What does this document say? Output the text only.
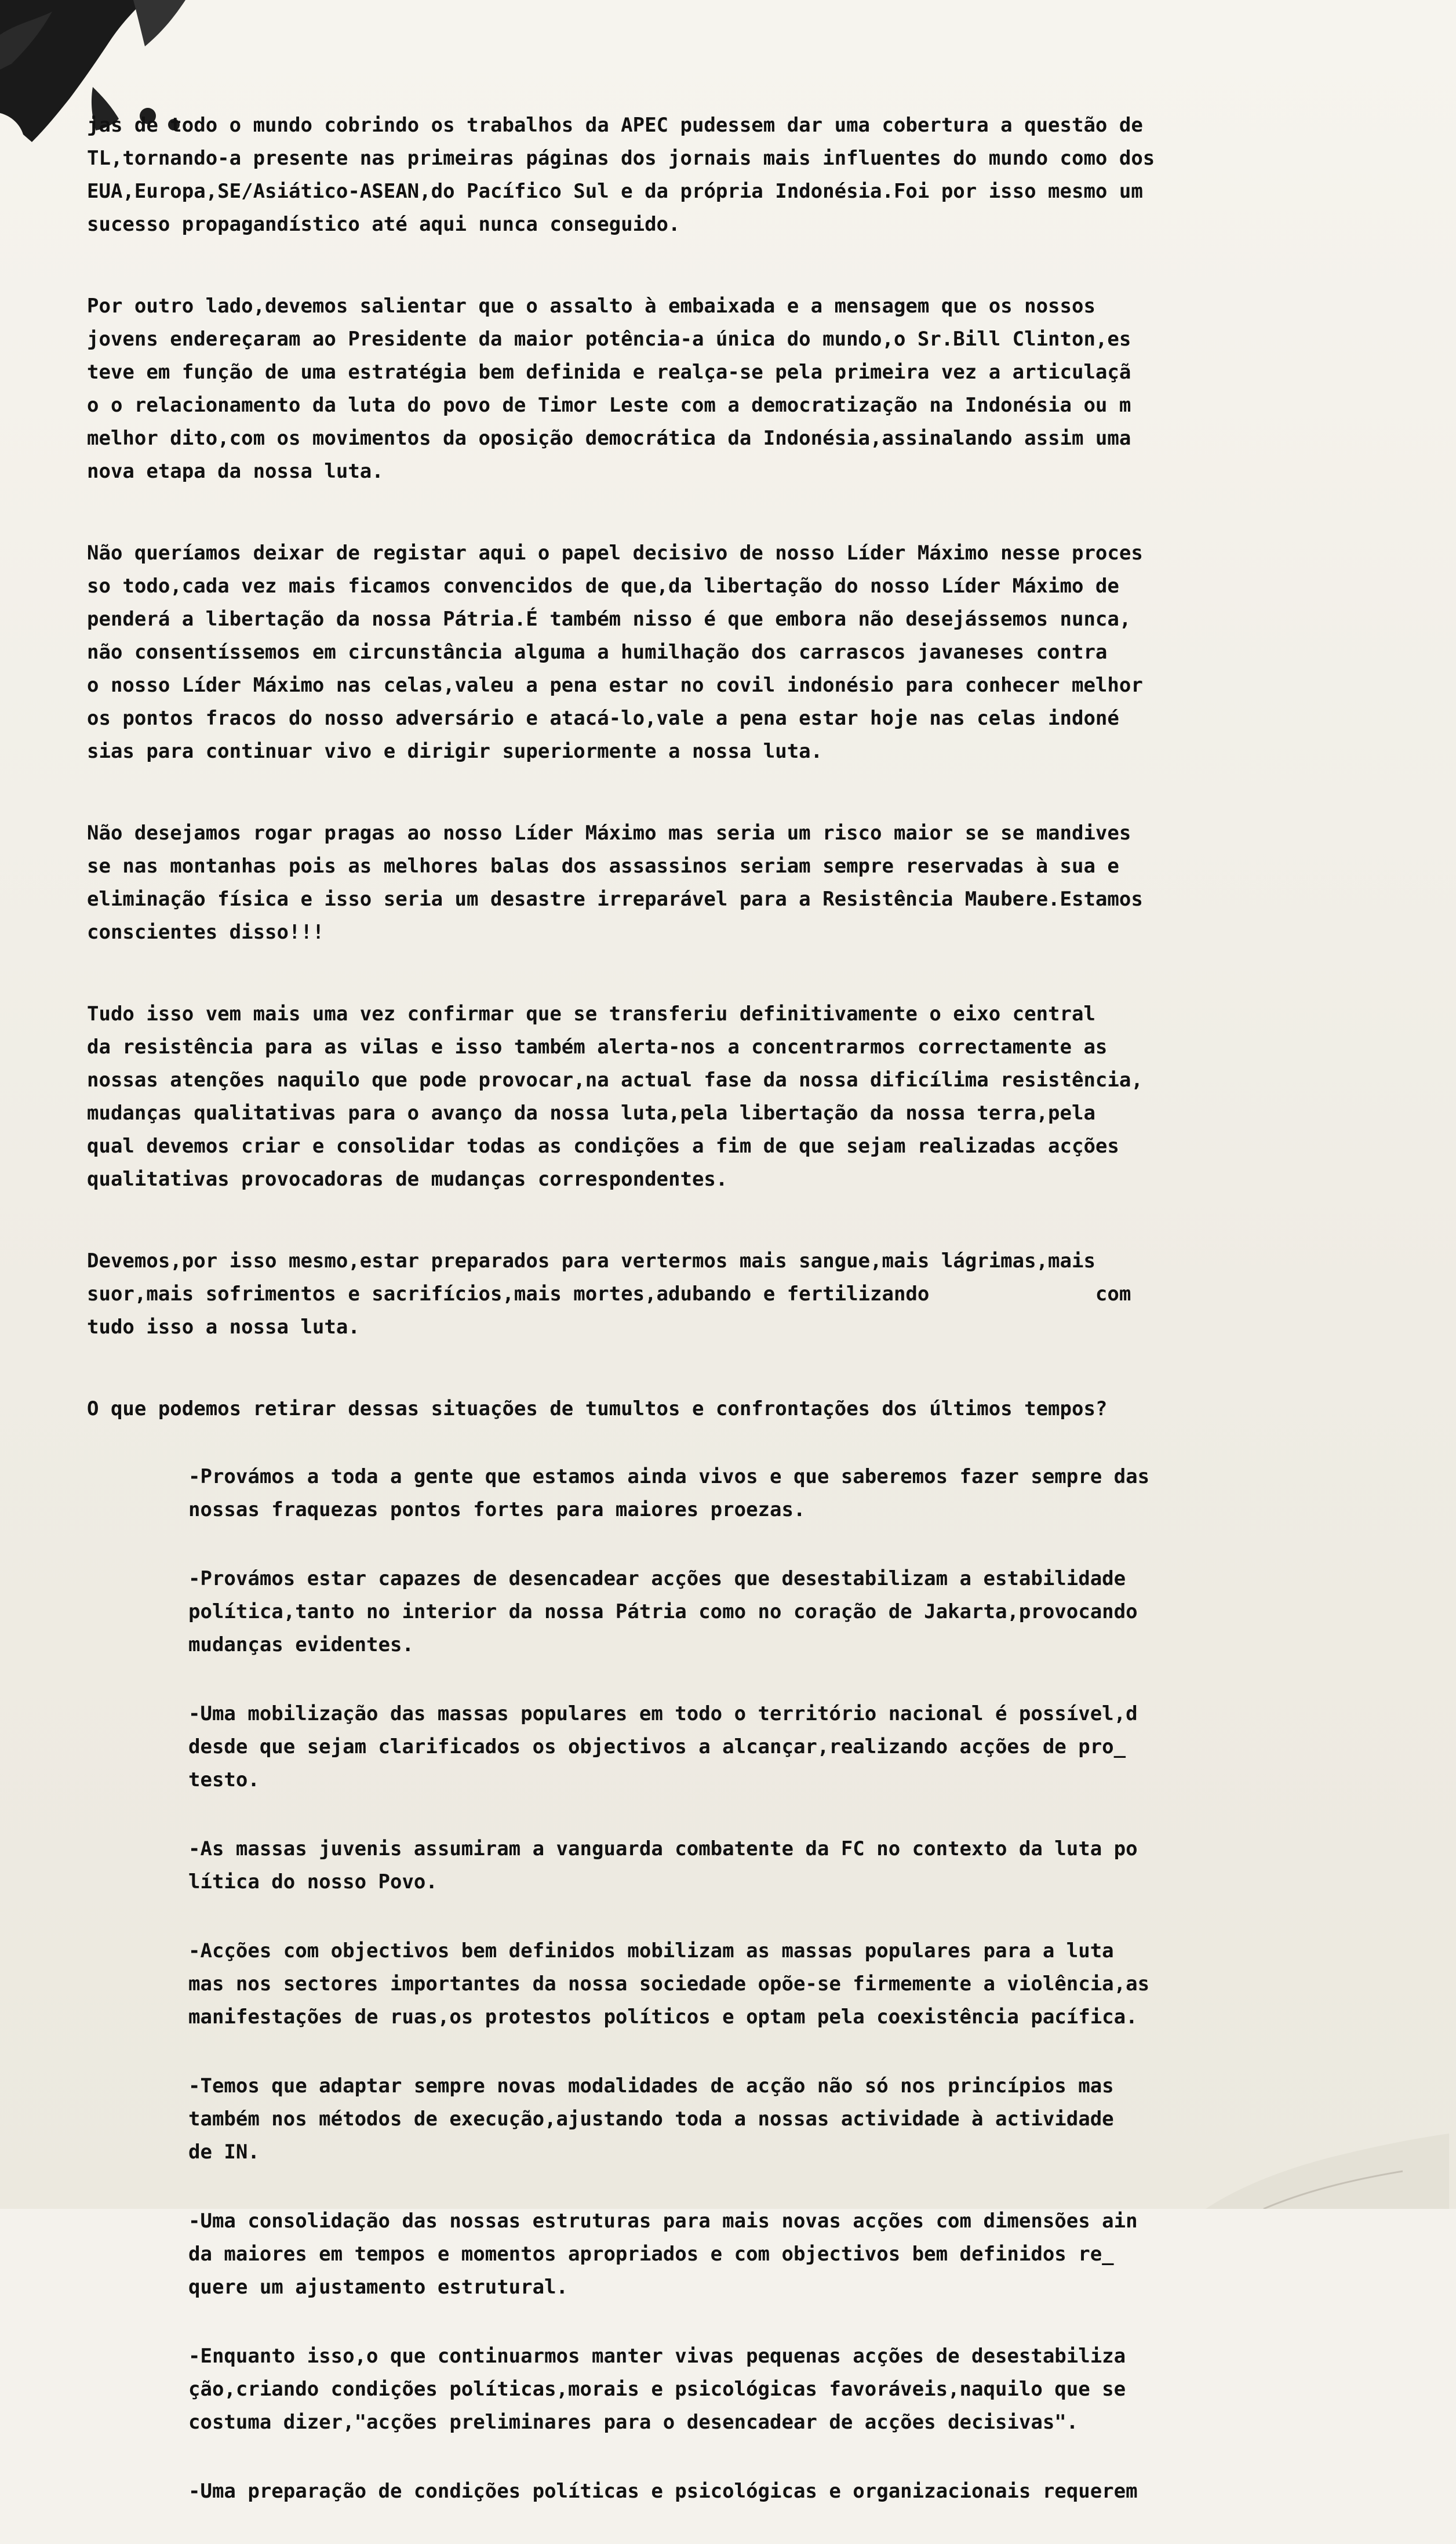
jas de todo o mundo cobrindo os trabalhos da APEC pudessem dar uma cobertura a questão de
TL,tornando-a presente nas primeiras páginas dos jornais mais influentes do mundo como dos
EUA,Europa,SE/Asiático-ASEAN,do Pacífico Sul e da própria Indonésia.Foi por isso mesmo um
sucesso propagandístico até aqui nunca conseguido.

Por outro lado,devemos salientar que o assalto à embaixada e a mensagem que os nossos
jovens endereçaram ao Presidente da maior potência-a única do mundo,o Sr.Bill Clinton,es
teve em função de uma estratégia bem definida e realça-se pela primeira vez a articulaçã
o o relacionamento da luta do povo de Timor Leste com a democratização na Indonésia ou m
melhor dito,com os movimentos da oposição democrática da Indonésia,assinalando assim uma
nova etapa da nossa luta.

Não queríamos deixar de registar aqui o papel decisivo de nosso Líder Máximo nesse proces
so todo,cada vez mais ficamos convencidos de que,da libertação do nosso Líder Máximo de
penderá a libertação da nossa Pátria.É também nisso é que embora não desejássemos nunca,
não consentíssemos em circunstância alguma a humilhação dos carrascos javaneses contra
o nosso Líder Máximo nas celas,valeu a pena estar no covil indonésio para conhecer melhor
os pontos fracos do nosso adversário e atacá-lo,vale a pena estar hoje nas celas indoné
sias para continuar vivo e dirigir superiormente a nossa luta.

Não desejamos rogar pragas ao nosso Líder Máximo mas seria um risco maior se se mandives
se nas montanhas pois as melhores balas dos assassinos seriam sempre reservadas à sua e
eliminação física e isso seria um desastre irreparável para a Resistência Maubere.Estamos
conscientes disso!!!

Tudo isso vem mais uma vez confirmar que se transferiu definitivamente o eixo central
da resistência para as vilas e isso também alerta-nos a concentrarmos correctamente as
nossas atenções naquilo que pode provocar,na actual fase da nossa dificílima resistência,
mudanças qualitativas para o avanço da nossa luta,pela libertação da nossa terra,pela
qual devemos criar e consolidar todas as condições a fim de que sejam realizadas acções
qualitativas provocadoras de mudanças correspondentes.

Devemos,por isso mesmo,estar preparados para vertermos mais sangue,mais lágrimas,mais
suor,mais sofrimentos e sacrifícios,mais mortes,adubando e fertilizando              com
tudo isso a nossa luta.

O que podemos retirar dessas situações de tumultos e confrontações dos últimos tempos?

-Provámos a toda a gente que estamos ainda vivos e que saberemos fazer sempre das
nossas fraquezas pontos fortes para maiores proezas.
-Provámos estar capazes de desencadear acções que desestabilizam a estabilidade
política,tanto no interior da nossa Pátria como no coração de Jakarta,provocando
mudanças evidentes.
-Uma mobilização das massas populares em todo o território nacional é possível,d
desde que sejam clarificados os objectivos a alcançar,realizando acções de pro_
testo.
-As massas juvenis assumiram a vanguarda combatente da FC no contexto da luta po
lítica do nosso Povo.
-Acções com objectivos bem definidos mobilizam as massas populares para a luta
mas nos sectores importantes da nossa sociedade opõe-se firmemente a violência,as
manifestações de ruas,os protestos políticos e optam pela coexistência pacífica.
-Temos que adaptar sempre novas modalidades de acção não só nos princípios mas
também nos métodos de execução,ajustando toda a nossas actividade à actividade
de IN.
-Uma consolidação das nossas estruturas para mais novas acções com dimensões ain
da maiores em tempos e momentos apropriados e com objectivos bem definidos re_
quere um ajustamento estrutural.
-Enquanto isso,o que continuarmos manter vivas pequenas acções de desestabiliza
ção,criando condições políticas,morais e psicológicas favoráveis,naquilo que se
costuma dizer,"acções preliminares para o desencadear de acções decisivas".
-Uma preparação de condições políticas e psicológicas e organizacionais requerem
